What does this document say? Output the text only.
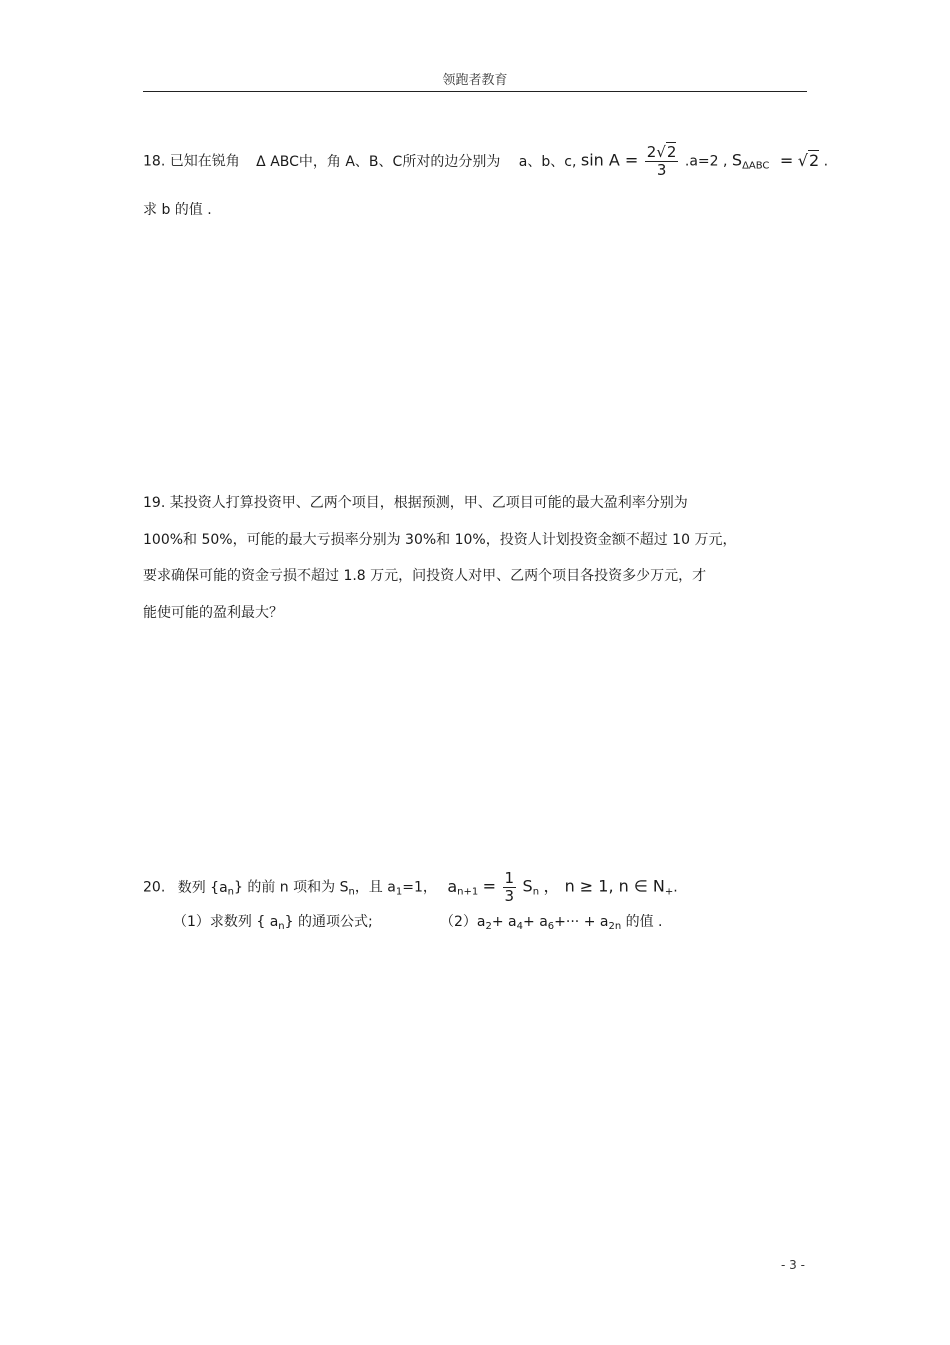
领跑者教育
18. 已知在锐角 Δ ABC中，角 A、B、C所对的边分别为 a、b、c, $\sin A = \frac{2√2}{3} .a=2$ , $S_{\Delta ABC} = √2$ .
求 b 的值 .
19. 某投资人打算投资甲、乙两个项目，根据预测，甲、乙项目可能的最大盈利率分别为
100%和 50%，可能的最大亏损率分别为 30%和 10%，投资人计划投资金额不超过 10 万元，
要求确保可能的资金亏损不超过 1.8 万元，问投资人对甲、乙两个项目各投资多少万元，才
能使可能的盈利最大？
20. 数列 $\{a_n\}$ 的前 n 项和为 $S_n$，且 $a_1=1$， $a_{n+1} = \frac{1}{3} S_n$ ， n ≥ 1, n ∈ $N_+$.
（1）求数列 { $a_n$} 的通项公式;	$(2)a_2+ a_4+ a_6+\cdot\cdot\cdot + a_{2n}$ 的值 .
- 3 -
